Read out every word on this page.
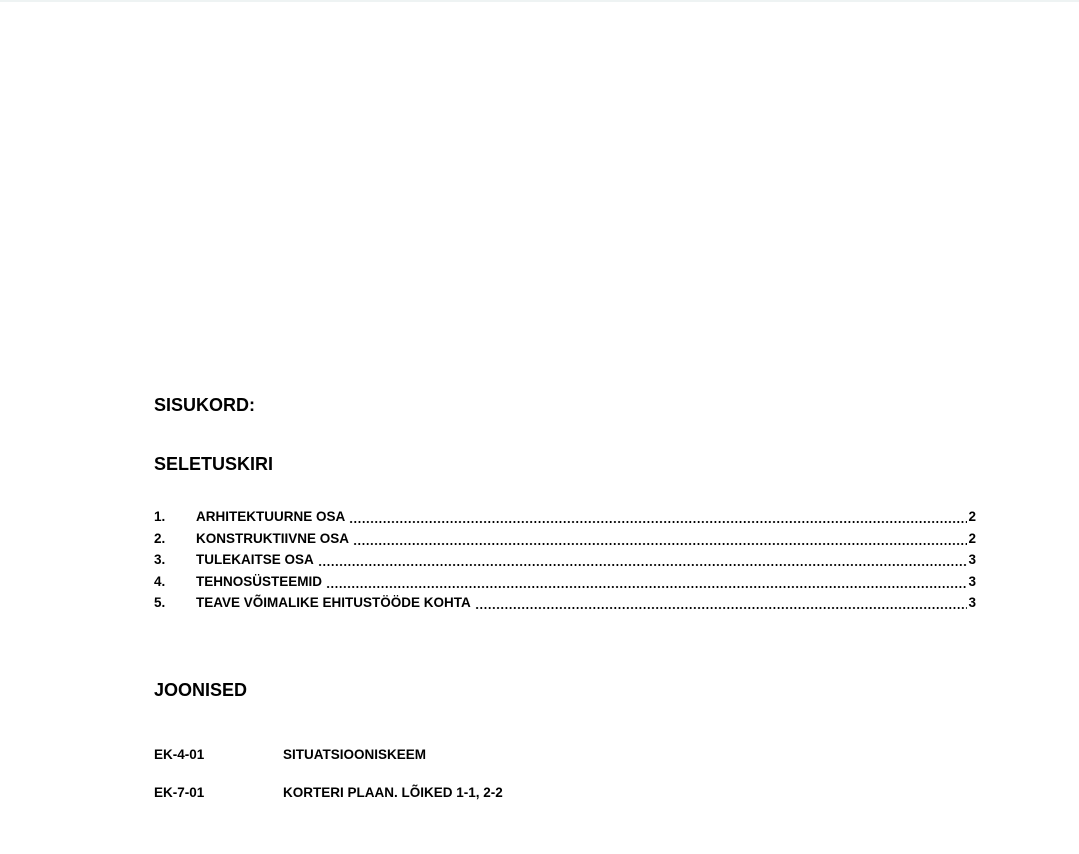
SISUKORD:
SELETUSKIRI
1.	ARHITEKTUURNE OSA	2
2.	KONSTRUKTIIVNE OSA	2
3.	TULEKAITSE OSA	3
4.	TEHNOSÜSTEEMID	3
5.	TEAVE VÕIMALIKE EHITUSTÖÖDE KOHTA	3
JOONISED
EK-4-01	SITUATSIOONISKEEM
EK-7-01	KORTERI PLAAN. LÕIKED 1-1, 2-2
